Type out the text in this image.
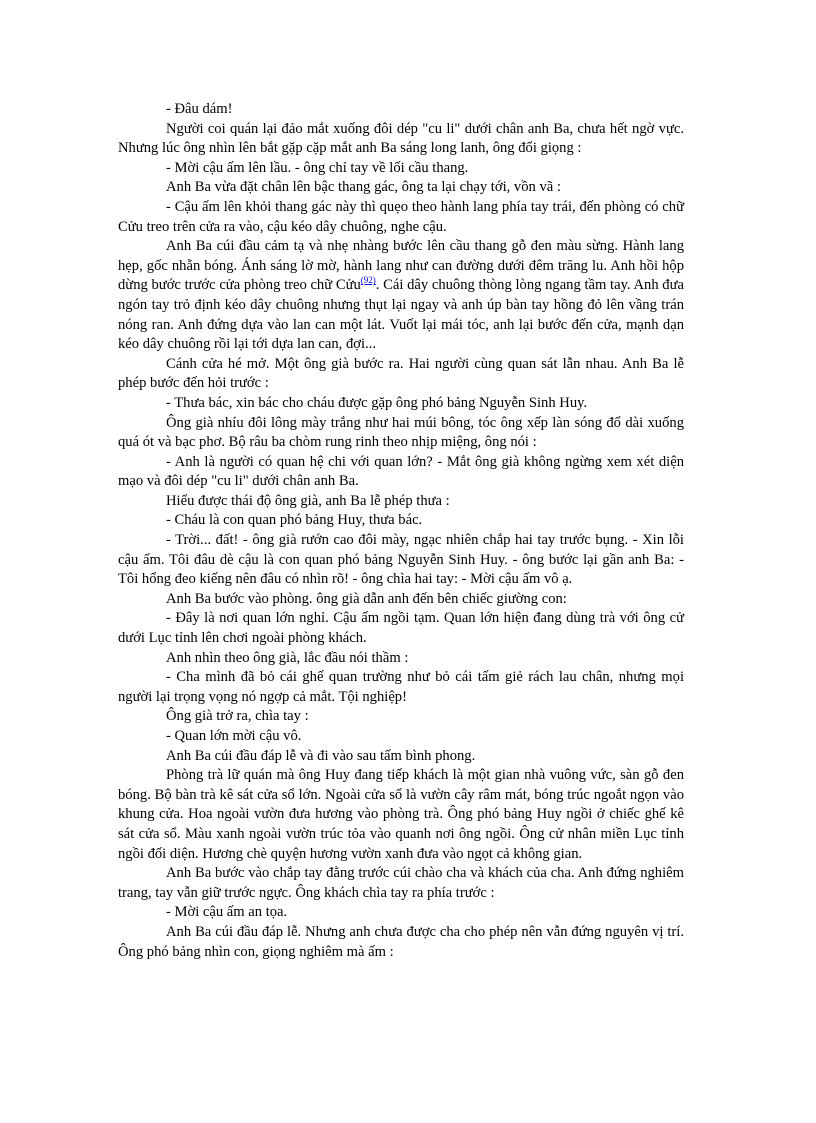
- Đâu dám!

Người coi quán lại đảo mắt xuống đôi dép "cu li" dưới chân anh Ba, chưa hết ngờ vực. Nhưng lúc ông nhìn lên bắt gặp cặp mắt anh Ba sáng long lanh, ông đổi giọng :

- Mời cậu ấm lên lầu. - ông chỉ tay về lối cầu thang.

Anh Ba vừa đặt chân lên bậc thang gác, ông ta lại chạy tới, vồn vã :

- Cậu ấm lên khỏi thang gác này thì quẹo theo hành lang phía tay trái, đến phòng có chữ Cửu treo trên cửa ra vào, cậu kéo dây chuông, nghe cậu.

Anh Ba cúi đầu cảm tạ và nhẹ nhàng bước lên cầu thang gỗ đen màu sừng. Hành lang hẹp, gốc nhẵn bóng. Ánh sáng lờ mờ, hành lang như can đường dưới đêm trăng lu. Anh hồi hộp dừng bước trước cửa phòng treo chữ Cửu$^{(92)}$. Cái dây chuông thòng lòng ngang tầm tay. Anh đưa ngón tay trỏ định kéo dây chuông nhưng thụt lại ngay và anh úp bàn tay hồng đỏ lên vầng trán nóng ran. Anh đứng dựa vào lan can một lát. Vuốt lại mái tóc, anh lại bước đến cửa, mạnh dạn kéo dây chuông rồi lại tới dựa lan can, đợi...

Cánh cửa hé mở. Một ông già bước ra. Hai người cùng quan sát lẫn nhau. Anh Ba lễ phép bước đến hỏi trước :

- Thưa bác, xin bác cho cháu được gặp ông phó bảng Nguyễn Sinh Huy.

Ông già nhíu đôi lông mày trắng như hai múi bông, tóc ông xếp làn sóng đổ dài xuống quá ót và bạc phơ. Bộ râu ba chòm rung rinh theo nhịp miệng, ông nói :

- Anh là người có quan hệ chi với quan lớn? - Mắt ông già không ngừng xem xét diện mạo và đôi dép "cu li" dưới chân anh Ba.

Hiểu được thái độ ông già, anh Ba lễ phép thưa :

- Cháu là con quan phó bảng Huy, thưa bác.

- Trời... đất! - ông già rướn cao đôi mày, ngạc nhiên chắp hai tay trước bụng. - Xin lỗi cậu ấm. Tôi đâu dè cậu là con quan phó bảng Nguyễn Sinh Huy. - ông bước lại gần anh Ba: - Tôi hổng đeo kiếng nên đâu có nhìn rõ! - ông chìa hai tay: - Mời cậu ấm vô ạ.

Anh Ba bước vào phòng. ông già dẫn anh đến bên chiếc giường con:

- Đây là nơi quan lớn nghỉ. Cậu ấm ngồi tạm. Quan lớn hiện đang dùng trà với ông cử dưới Lục tỉnh lên chơi ngoài phòng khách.

Anh nhìn theo ông già, lắc đầu nói thầm :

- Cha mình đã bỏ cái ghế quan trường như bỏ cái tấm giẻ rách lau chân, nhưng mọi người lại trọng vọng nó ngợp cả mắt. Tội nghiệp!

Ông già trở ra, chìa tay :

- Quan lớn mời cậu vô.

Anh Ba cúi đầu đáp lễ và đi vào sau tấm bình phong.

Phòng trà lữ quán mà ông Huy đang tiếp khách là một gian nhà vuông vức, sàn gỗ đen bóng. Bộ bàn trà kê sát cửa sổ lớn. Ngoài cửa sổ là vườn cây râm mát, bóng trúc ngoắt ngọn vào khung cửa. Hoa ngoài vườn đưa hương vào phòng trà. Ông phó bảng Huy ngồi ở chiếc ghế kê sát cửa sổ. Màu xanh ngoài vườn trúc tỏa vào quanh nơi ông ngồi. Ông cử nhân miền Lục tỉnh ngồi đối diện. Hương chè quyện hương vườn xanh đưa vào ngọt cả không gian.

Anh Ba bước vào chắp tay đằng trước cúi chào cha và khách của cha. Anh đứng nghiêm trang, tay vẫn giữ trước ngực. Ông khách chìa tay ra phía trước :

- Mời cậu ấm an tọa.

Anh Ba cúi đầu đáp lễ. Nhưng anh chưa được cha cho phép nên vẫn đứng nguyên vị trí. Ông phó bảng nhìn con, giọng nghiêm mà ấm :
